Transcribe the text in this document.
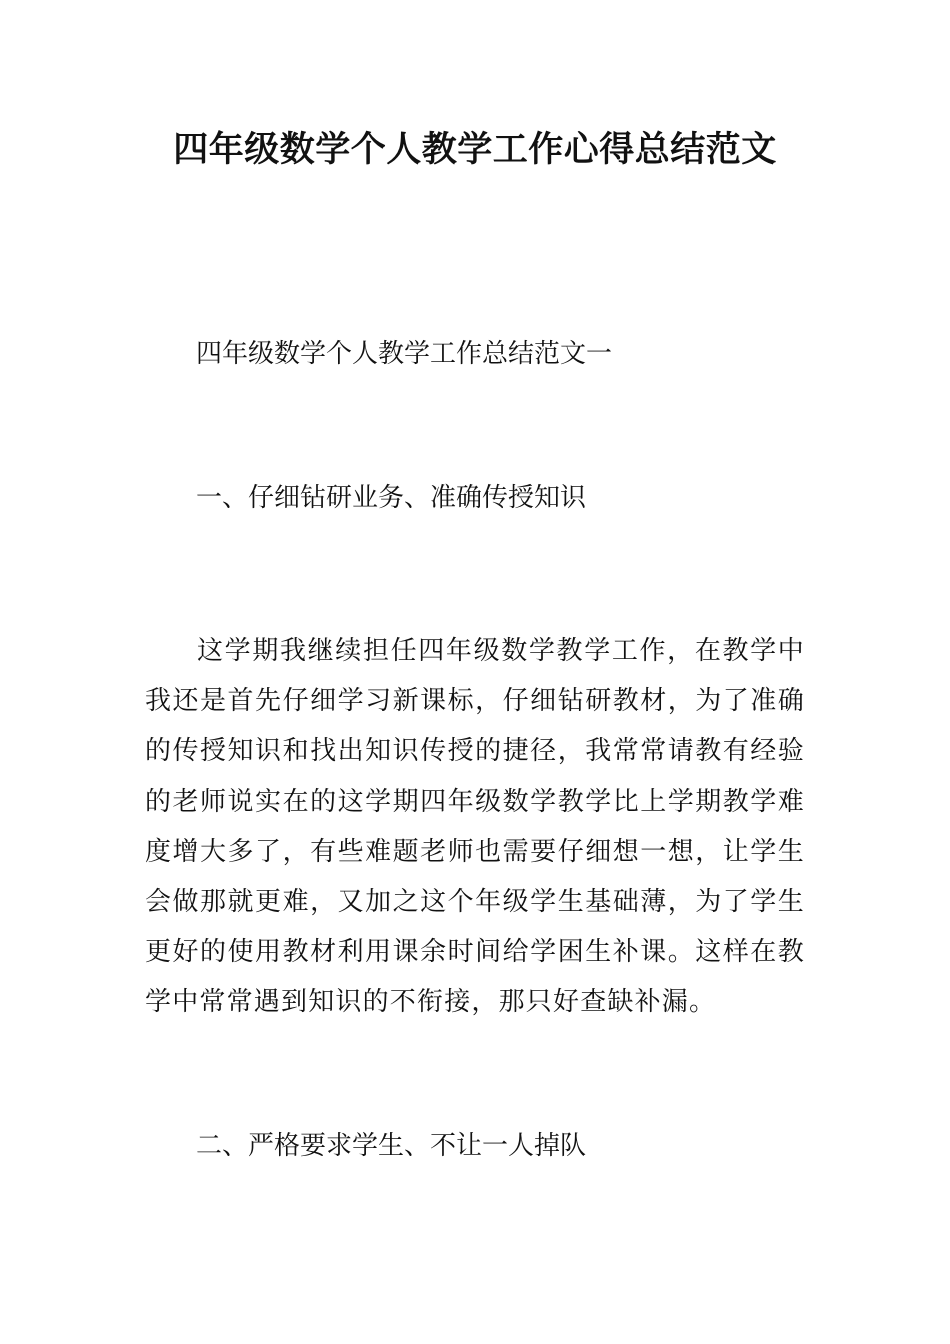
四年级数学个人教学工作心得总结范文

四年级数学个人教学工作总结范文一

一、仔细钻研业务、准确传授知识

这学期我继续担任四年级数学教学工作，在教学中我还是首先仔细学习新课标，仔细钻研教材，为了准确的传授知识和找出知识传授的捷径，我常常请教有经验的老师说实在的这学期四年级数学教学比上学期教学难度增大多了，有些难题老师也需要仔细想一想，让学生会做那就更难，又加之这个年级学生基础薄，为了学生更好的使用教材利用课余时间给学困生补课。这样在教学中常常遇到知识的不衔接，那只好查缺补漏。

二、严格要求学生、不让一人掉队
